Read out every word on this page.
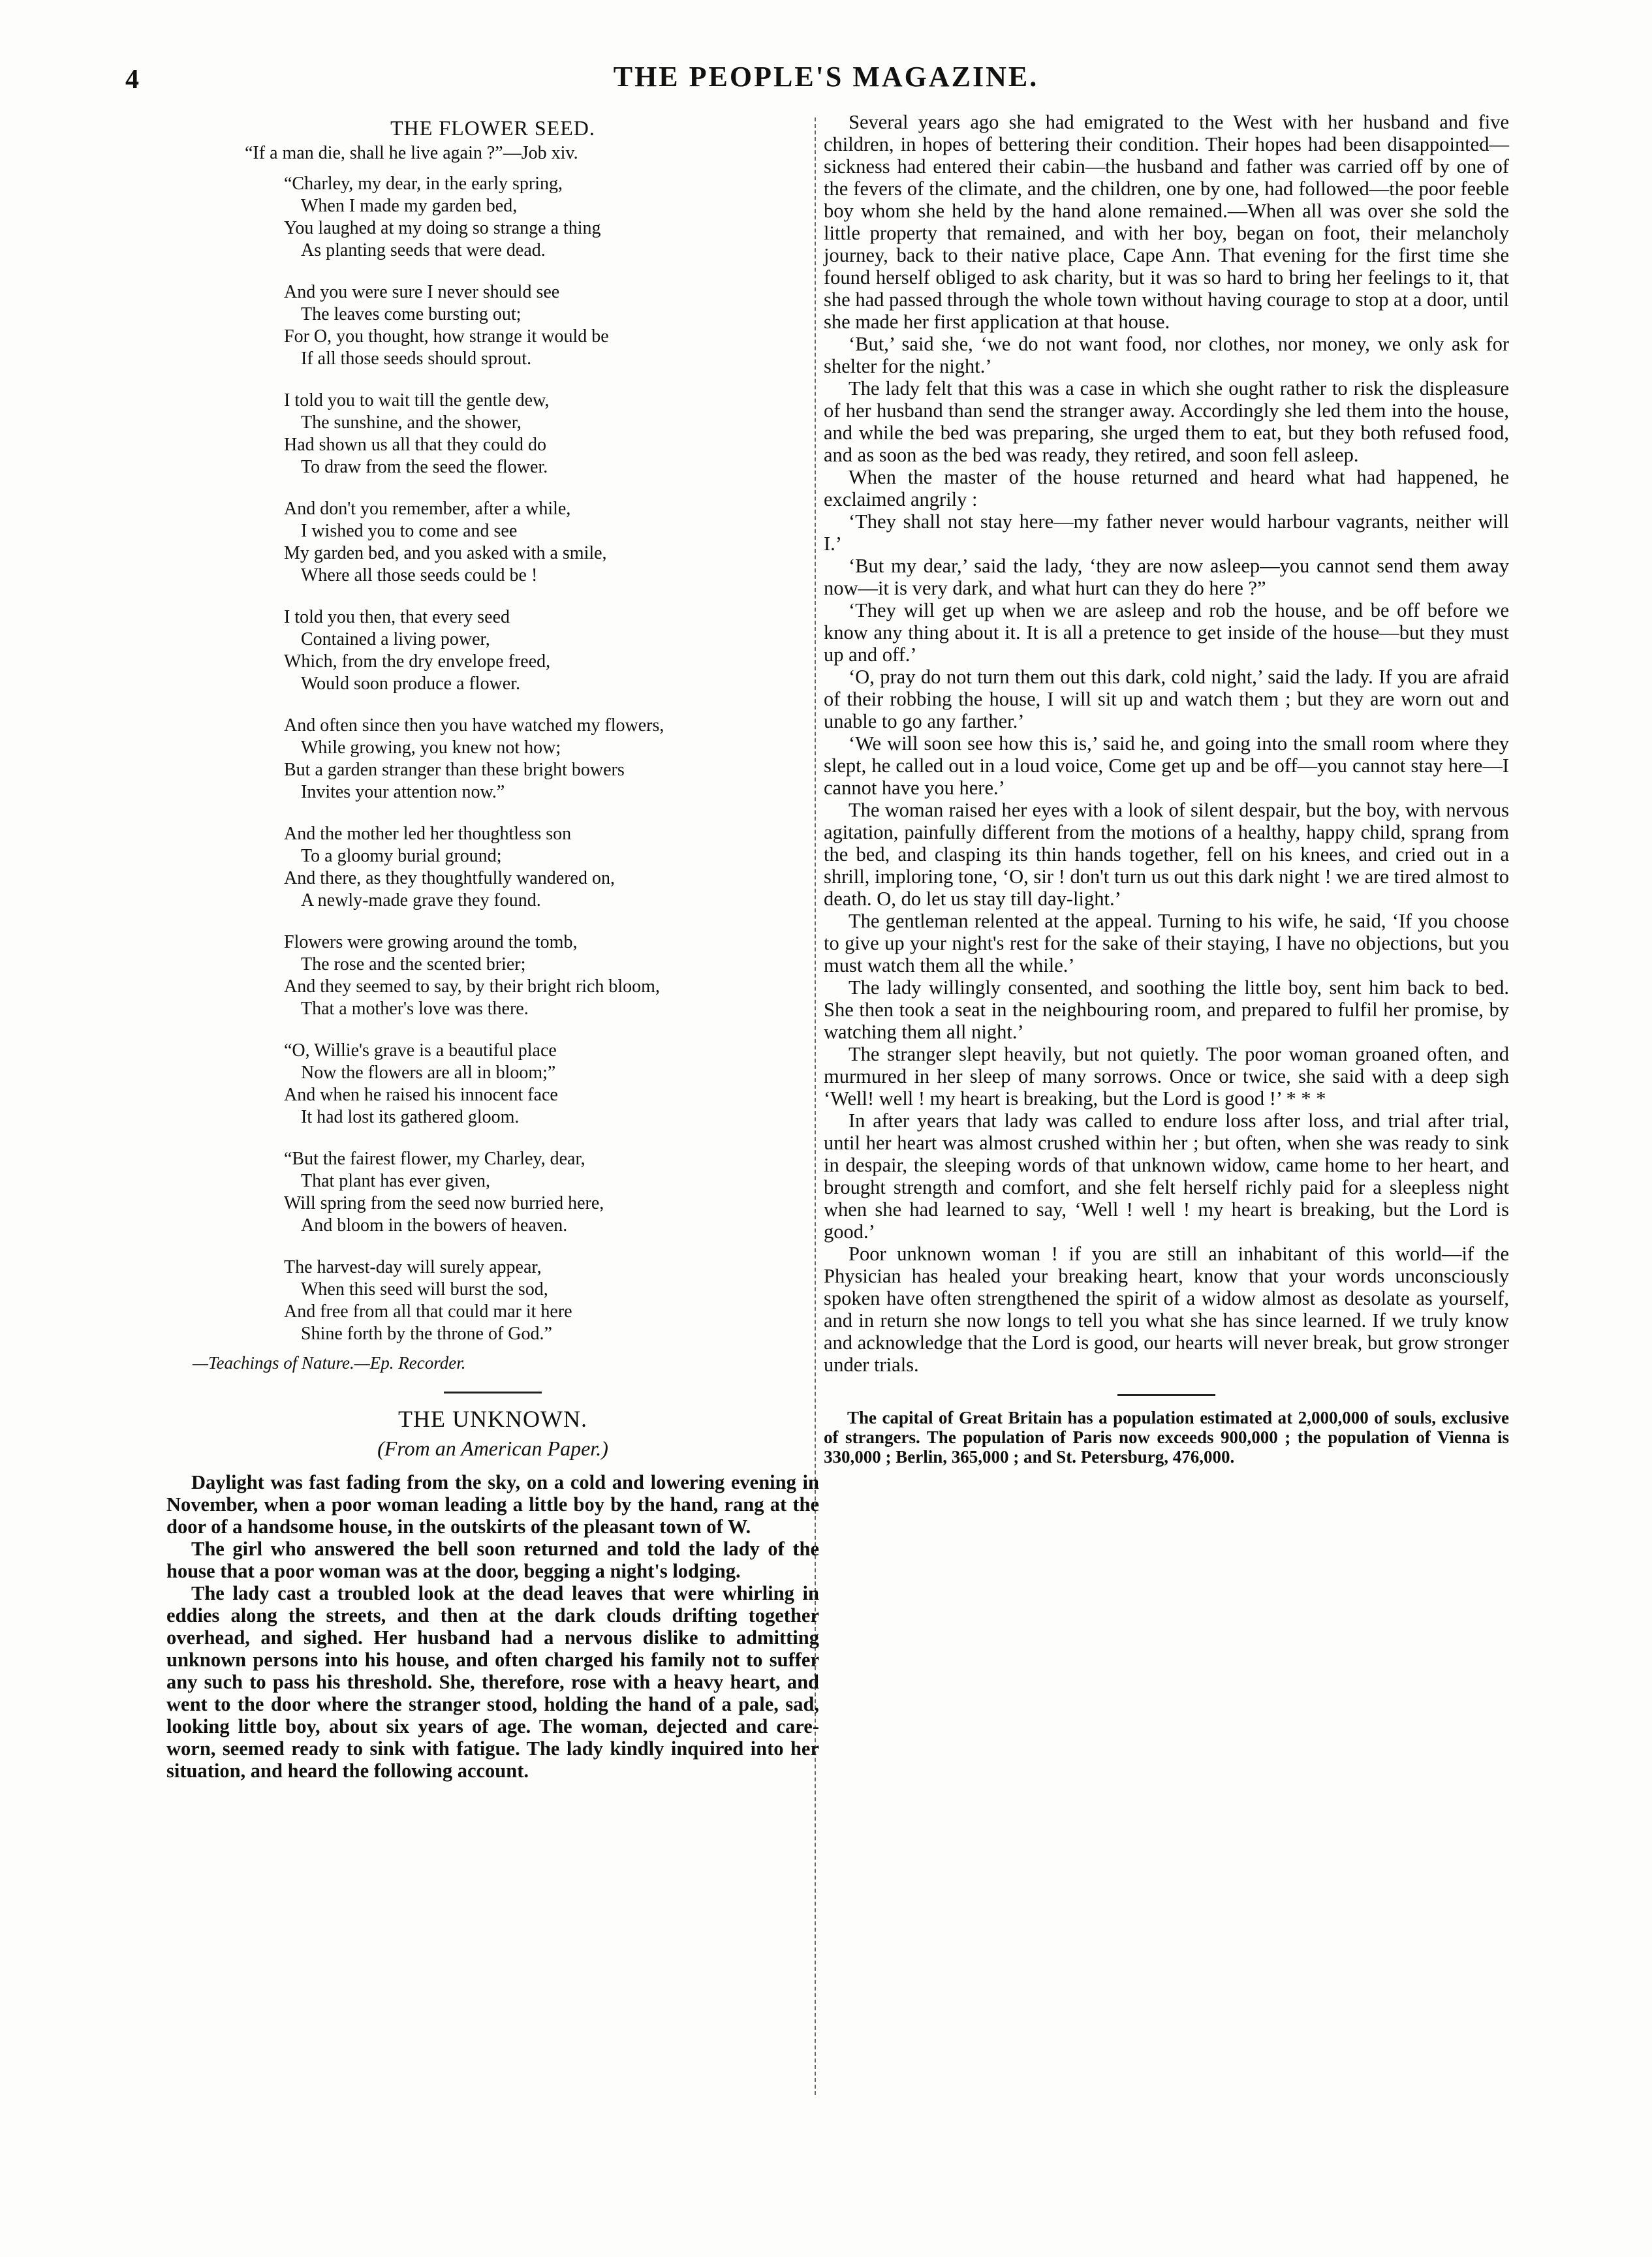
4	THE PEOPLE'S MAGAZINE.
THE FLOWER SEED.
“If a man die, shall he live again ?”—Job xiv.
“Charley, my dear, in the early spring,
When I made my garden bed,
You laughed at my doing so strange a thing
As planting seeds that were dead.
And you were sure I never should see
The leaves come bursting out;
For O, you thought, how strange it would be
If all those seeds should sprout.
I told you to wait till the gentle dew,
The sunshine, and the shower,
Had shown us all that they could do
To draw from the seed the flower.
And don't you remember, after a while,
I wished you to come and see
My garden bed, and you asked with a smile,
Where all those seeds could be !
I told you then, that every seed
Contained a living power,
Which, from the dry envelope freed,
Would soon produce a flower.
And often since then you have watched my flowers,
While growing, you knew not how;
But a garden stranger than these bright bowers
Invites your attention now.”
And the mother led her thoughtless son
To a gloomy burial ground;
And there, as they thoughtfully wandered on,
A newly-made grave they found.
Flowers were growing around the tomb,
The rose and the scented brier;
And they seemed to say, by their bright rich bloom,
That a mother's love was there.
“O, Willie's grave is a beautiful place
Now the flowers are all in bloom;”
And when he raised his innocent face
It had lost its gathered gloom.
“But the fairest flower, my Charley, dear,
That plant has ever given,
Will spring from the seed now burried here,
And bloom in the bowers of heaven.
The harvest-day will surely appear,
When this seed will burst the sod,
And free from all that could mar it here
Shine forth by the throne of God.”
—Teachings of Nature.—Ep. Recorder.
THE UNKNOWN.
(From an American Paper.)

Daylight was fast fading from the sky, on a cold and lowering evening in November, when a poor woman leading a little boy by the hand, rang at the door of a handsome house, in the outskirts of the pleasant town of W.

The girl who answered the bell soon returned and told the lady of the house that a poor woman was at the door, begging a night's lodging.

The lady cast a troubled look at the dead leaves that were whirling in eddies along the streets, and then at the dark clouds drifting together overhead, and sighed. Her husband had a nervous dislike to admitting unknown persons into his house, and often charged his family not to suffer any such to pass his threshold. She, therefore, rose with a heavy heart, and went to the door where the stranger stood, holding the hand of a pale, sad, looking little boy, about six years of age. The woman, dejected and care-worn, seemed ready to sink with fatigue. The lady kindly inquired into her situation, and heard the following account.

Several years ago she had emigrated to the West with her husband and five children, in hopes of bettering their condition. Their hopes had been disappointed—sickness had entered their cabin—the husband and father was carried off by one of the fevers of the climate, and the children, one by one, had followed—the poor feeble boy whom she held by the hand alone remained.—When all was over she sold the little property that remained, and with her boy, began on foot, their melancholy journey, back to their native place, Cape Ann. That evening for the first time she found herself obliged to ask charity, but it was so hard to bring her feelings to it, that she had passed through the whole town without having courage to stop at a door, until she made her first application at that house.

‘But,’ said she, ‘we do not want food, nor clothes, nor money, we only ask for shelter for the night.’

The lady felt that this was a case in which she ought rather to risk the displeasure of her husband than send the stranger away. Accordingly she led them into the house, and while the bed was preparing, she urged them to eat, but they both refused food, and as soon as the bed was ready, they retired, and soon fell asleep.

When the master of the house returned and heard what had happened, he exclaimed angrily :

‘They shall not stay here—my father never would harbour vagrants, neither will I.’

‘But my dear,’ said the lady, ‘they are now asleep—you cannot send them away now—it is very dark, and what hurt can they do here ?”

‘They will get up when we are asleep and rob the house, and be off before we know any thing about it. It is all a pretence to get inside of the house—but they must up and off.’

‘O, pray do not turn them out this dark, cold night,’ said the lady. If you are afraid of their robbing the house, I will sit up and watch them ; but they are worn out and unable to go any farther.’

‘We will soon see how this is,’ said he, and going into the small room where they slept, he called out in a loud voice, Come get up and be off—you cannot stay here—I cannot have you here.’

The woman raised her eyes with a look of silent despair, but the boy, with nervous agitation, painfully different from the motions of a healthy, happy child, sprang from the bed, and clasping its thin hands together, fell on his knees, and cried out in a shrill, imploring tone, ‘O, sir ! don't turn us out this dark night ! we are tired almost to death. O, do let us stay till day-light.’

The gentleman relented at the appeal. Turning to his wife, he said, ‘If you choose to give up your night's rest for the sake of their staying, I have no objections, but you must watch them all the while.’

The lady willingly consented, and soothing the little boy, sent him back to bed. She then took a seat in the neighbouring room, and prepared to fulfil her promise, by watching them all night.’

The stranger slept heavily, but not quietly. The poor woman groaned often, and murmured in her sleep of many sorrows. Once or twice, she said with a deep sigh ‘Well! well ! my heart is breaking, but the Lord is good !’ * * *

In after years that lady was called to endure loss after loss, and trial after trial, until her heart was almost crushed within her ; but often, when she was ready to sink in despair, the sleeping words of that unknown widow, came home to her heart, and brought strength and comfort, and she felt herself richly paid for a sleepless night when she had learned to say, ‘Well ! well ! my heart is breaking, but the Lord is good.’

Poor unknown woman ! if you are still an inhabitant of this world—if the Physician has healed your breaking heart, know that your words unconsciously spoken have often strengthened the spirit of a widow almost as desolate as yourself, and in return she now longs to tell you what she has since learned. If we truly know and acknowledge that the Lord is good, our hearts will never break, but grow stronger under trials.

The capital of Great Britain has a population estimated at 2,000,000 of souls, exclusive of strangers. The population of Paris now exceeds 900,000 ; the population of Vienna is 330,000 ; Berlin, 365,000 ; and St. Petersburg, 476,000.
